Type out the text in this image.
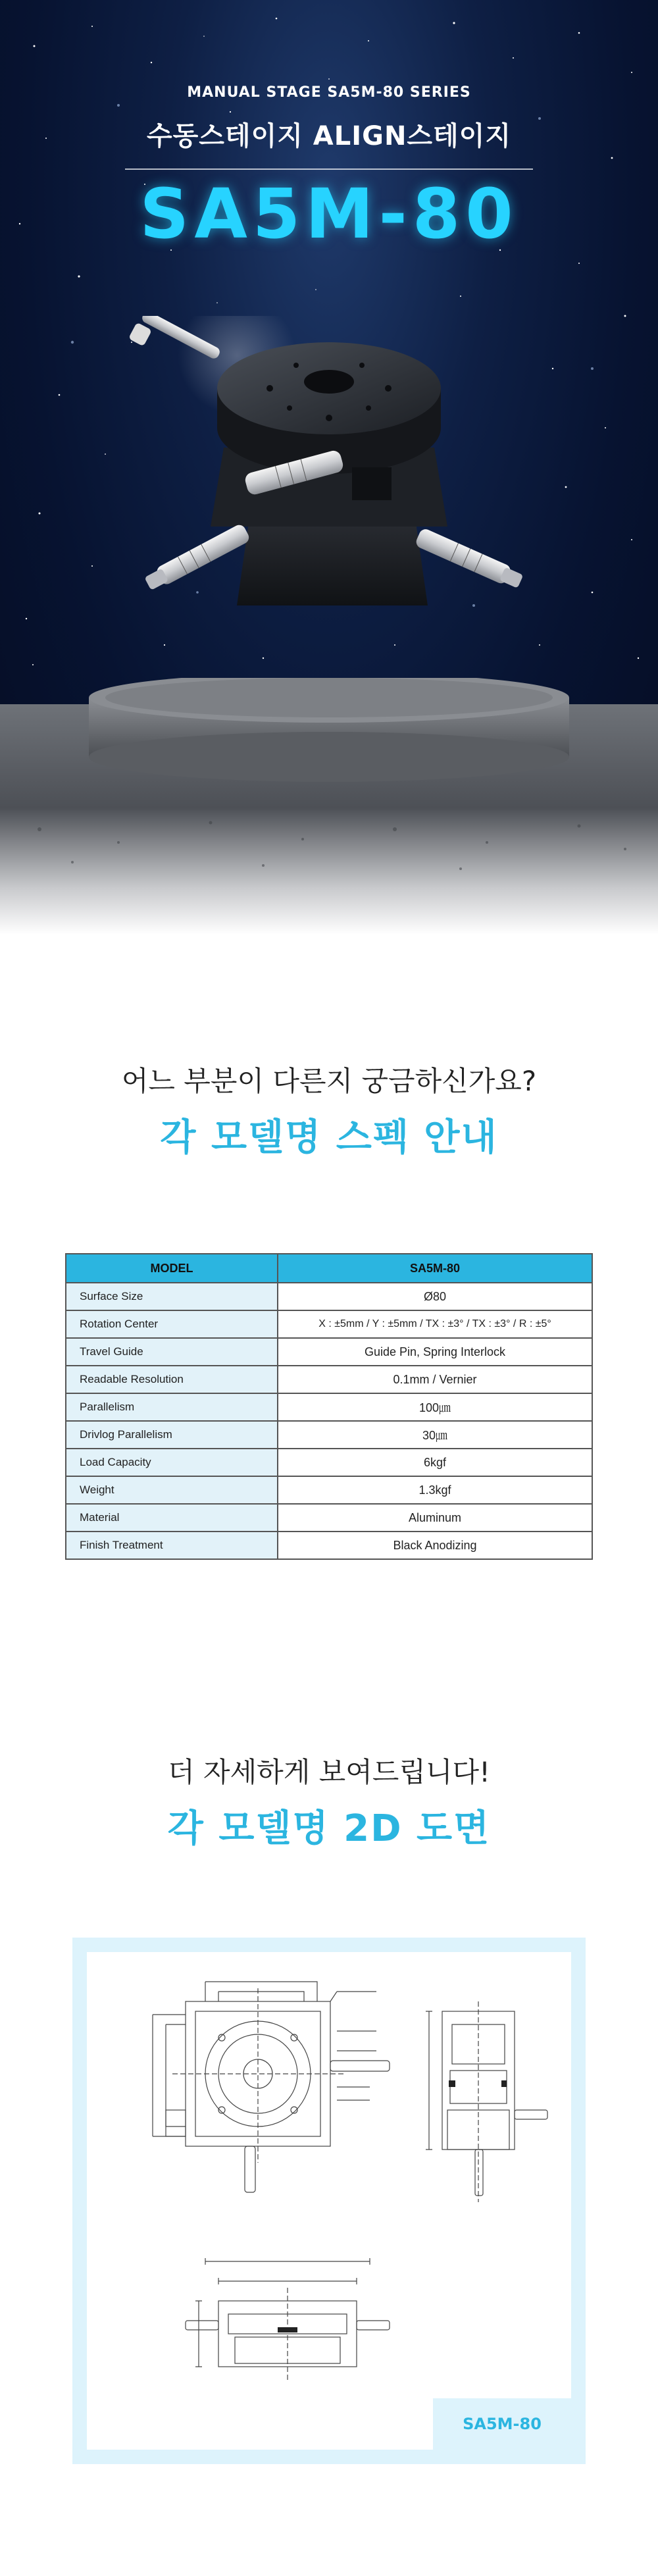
MANUAL STAGE SA5M-80 SERIES
수동스테이지 ALIGN스테이지
SA5M-80
어느 부분이 다른지 궁금하신가요?
각 모델명 스펙 안내
MODEL	SA5M-80
Surface Size	Ø80
Rotation Center	X : ±5mm / Y : ±5mm / TX : ±3° / TX : ±3° / R : ±5°
Travel Guide	Guide Pin, Spring Interlock
Readable Resolution	0.1mm / Vernier
Parallelism	100㎛
Drivlog Parallelism	30㎛
Load Capacity	6kgf
Weight	1.3kgf
Material	Aluminum
Finish Treatment	Black Anodizing
더 자세하게 보여드립니다!
각 모델명 2D 도면
SA5M-80
